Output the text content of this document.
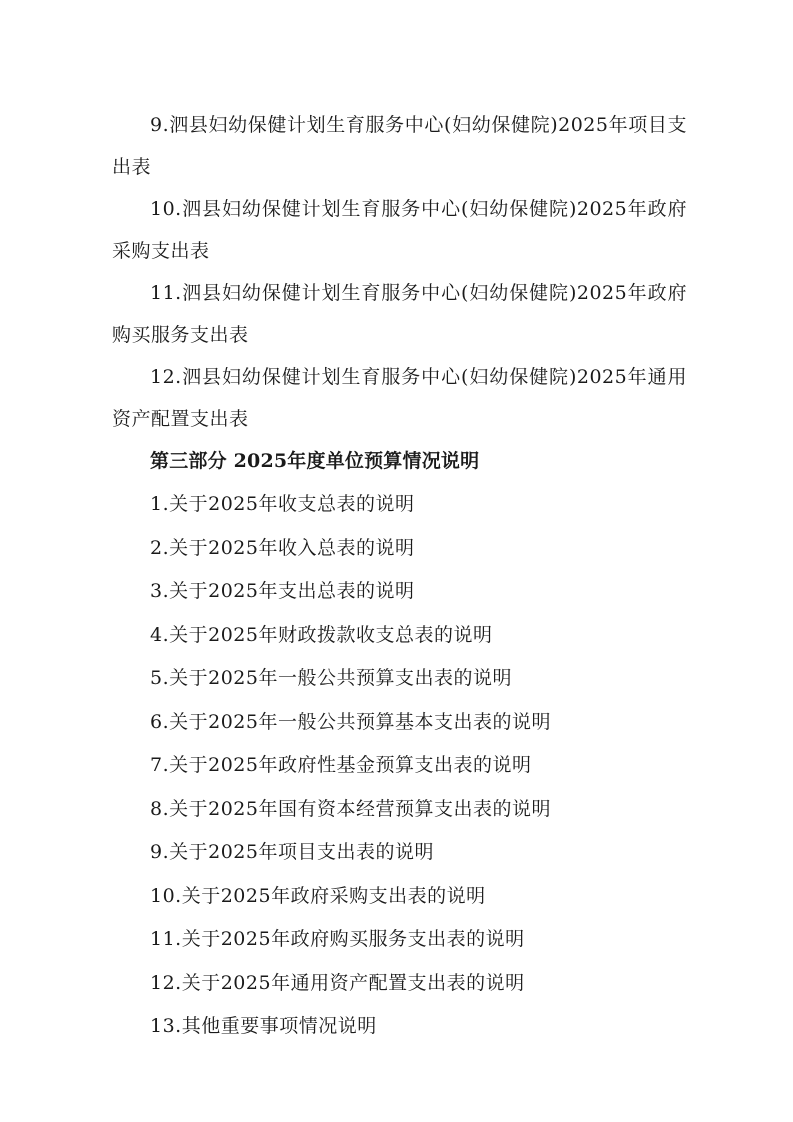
9.泗县妇幼保健计划生育服务中心(妇幼保健院)2025年项目支出表

10.泗县妇幼保健计划生育服务中心(妇幼保健院)2025年政府采购支出表

11.泗县妇幼保健计划生育服务中心(妇幼保健院)2025年政府购买服务支出表

12.泗县妇幼保健计划生育服务中心(妇幼保健院)2025年通用资产配置支出表

第三部分 2025年度单位预算情况说明

1.关于2025年收支总表的说明

2.关于2025年收入总表的说明

3.关于2025年支出总表的说明

4.关于2025年财政拨款收支总表的说明

5.关于2025年一般公共预算支出表的说明

6.关于2025年一般公共预算基本支出表的说明

7.关于2025年政府性基金预算支出表的说明

8.关于2025年国有资本经营预算支出表的说明

9.关于2025年项目支出表的说明

10.关于2025年政府采购支出表的说明

11.关于2025年政府购买服务支出表的说明

12.关于2025年通用资产配置支出表的说明

13.其他重要事项情况说明
